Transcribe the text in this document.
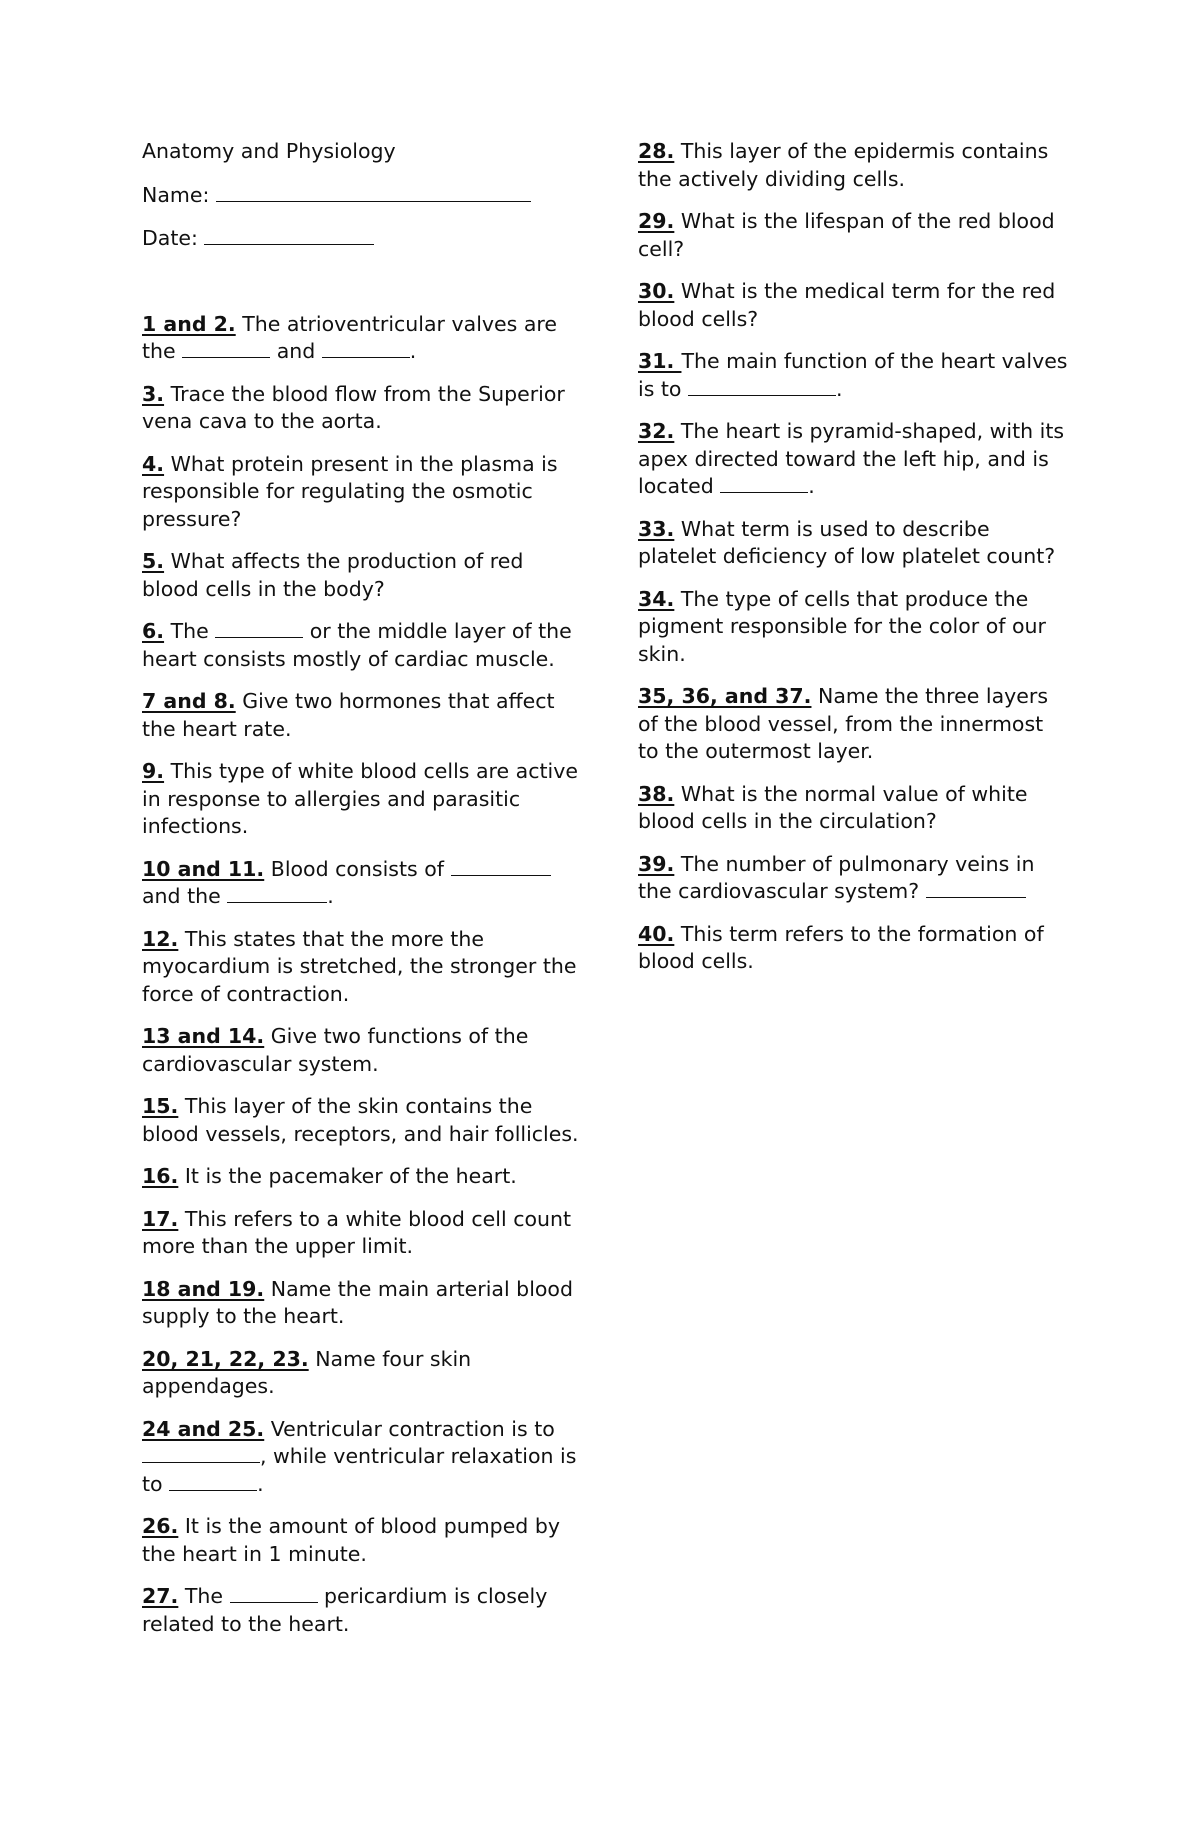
Anatomy and Physiology
Name:
Date:
1 and 2. The atrioventricular valves are the	and	.
3. Trace the blood flow from the Superior vena cava to the aorta.
4. What protein present in the plasma is responsible for regulating the osmotic pressure?
5. What affects the production of red blood cells in the body?
6. The	or the middle layer of the heart consists mostly of cardiac muscle.
7 and 8. Give two hormones that affect the heart rate.
9. This type of white blood cells are active in response to allergies and parasitic infections.
10 and 11. Blood consists of  and the	.
12. This states that the more the myocardium is stretched, the stronger the force of contraction.
13 and 14. Give two functions of the cardiovascular system.
15. This layer of the skin contains the blood vessels, receptors, and hair follicles.
16. It is the pacemaker of the heart.
17. This refers to a white blood cell count more than the upper limit.
18 and 19. Name the main arterial blood supply to the heart.
20, 21, 22, 23. Name four skin appendages.
24 and 25. Ventricular contraction is to , while ventricular relaxation is to	.
26. It is the amount of blood pumped by the heart in 1 minute.
27. The	pericardium is closely related to the heart.
28. This layer of the epidermis contains the actively dividing cells.
29. What is the lifespan of the red blood cell?
30. What is the medical term for the red blood cells?
31. The main function of the heart valves is to	.
32. The heart is pyramid-shaped, with its apex directed toward the left hip, and is located	.
33. What term is used to describe platelet deficiency of low platelet count?
34. The type of cells that produce the pigment responsible for the color of our skin.
35, 36, and 37. Name the three layers of the blood vessel, from the innermost to the outermost layer.
38. What is the normal value of white blood cells in the circulation?
39. The number of pulmonary veins in the cardiovascular system?
40. This term refers to the formation of blood cells.
